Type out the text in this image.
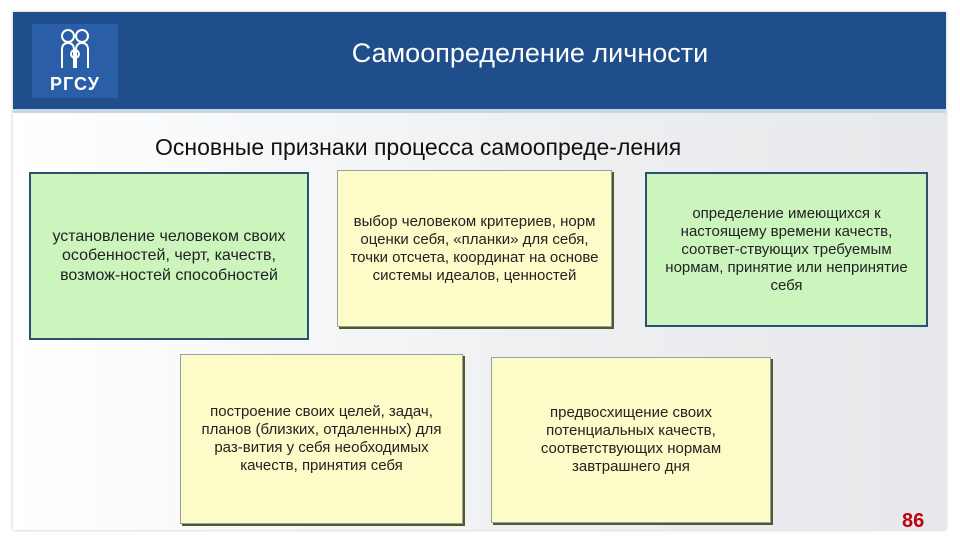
РГСУ
Самоопределение личности
Основные признаки процесса самоопреде-ления
установление человеком своих особенностей, черт, качеств, возмож-ностей способностей
выбор человеком критериев, норм оценки себя, «планки» для себя, точки отсчета, координат на основе системы идеалов, ценностей
определение имеющихся к настоящему времени качеств, соответ-ствующих требуемым нормам, принятие или непринятие себя
построение своих целей, задач, планов (близких, отдаленных) для раз-вития у себя необходимых качеств, принятия себя
предвосхищение своих потенциальных качеств, соответствующих нормам завтрашнего дня
86
